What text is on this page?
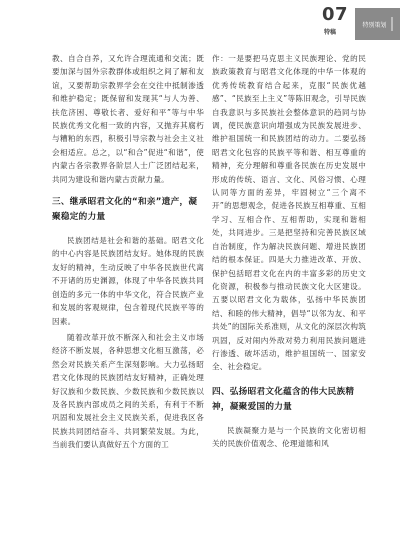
07
特稿
特别策划

教、自合自养，又允许合理流通和交流；既要加深与国外宗教群体或组织之间了解和友谊，又要帮助宗教界学会在交往中抵制渗透和维护稳定；既保留和发现其“与人为善、扶危济困、尊敬长者、爱好和平”等与中华民族优秀文化相一致的内容，又抛弃其腐朽与糟粕的东西，积极引导宗教与社会主义社会相适应。总之，以“和合”促进“和谐”，使内蒙古各宗教界各阶层人士广泛团结起来，共同为建设和谐内蒙古贡献力量。

三、继承昭君文化的“和亲”遗产，凝聚稳定的力量

民族团结是社会和谐的基础。昭君文化的中心内容是民族团结友好。她体现的民族友好的精神，生动反映了中华各民族世代离不开诸的历史渊源，体现了中华各民族共同创造的多元一体的中华文化，符合民族产业和发展的客观规律，包含着现代民族平等的因素。

随着改革开放不断深入和社会主义市场经济不断发展，各种思想文化相互激荡，必然会对民族关系产生深刻影响。大力弘扬昭君文化体现的民族团结友好精神，正确处理好汉族和少数民族、少数民族和少数民族以及各民族内部成员之间的关系，有利于不断巩固和发展社会主义民族关系，促进我区各民族共同团结奋斗、共同繁荣发展。为此，当前我们要认真做好五个方面的工

作：一是要把马克思主义民族理论、党的民族政策教育与昭君文化体现的中华一体观的优秀传统教育结合起来，克服“民族优越感”、“民族至上主义”等陈旧观念，引导民族自我意识与多民族社会整体意识的趋同与协调，使民族意识向增强成为民族发展进步、维护祖国统一和民族团结的动力。二要弘扬昭君文化包容的民族平等和谐、相互尊重的精神，充分理解和尊重各民族在历史发展中形成的传统、语言、文化、风俗习惯、心理认同等方面的差异，牢固树立“三个离不开”的思想观念，促进各民族互相尊重、互相学习、互相合作、互相帮助，实现和谐相处，共同进步。三是把坚持和完善民族区域自治制度，作为解决民族问题、增进民族团结的根本保证。四是大力推进改革、开放、保护包括昭君文化在内的丰富多彩的历史文化资源，积极参与推动民族文化大区建设。五要以昭君文化为载体，弘扬中华民族团结、和睦的伟大精神，倡导“以邻为友、和平共处”的国际关系准则，从文化的深层次构筑巩固，反对闹内外敌对势力利用民族问题进行渗透、破坏活动，维护祖国统一、国家安全、社会稳定。

四、弘扬昭君文化蕴含的伟大民族精神，凝聚爱国的力量

民族凝聚力是与一个民族的文化密切相关的民族价值观念、伦理道德和风
